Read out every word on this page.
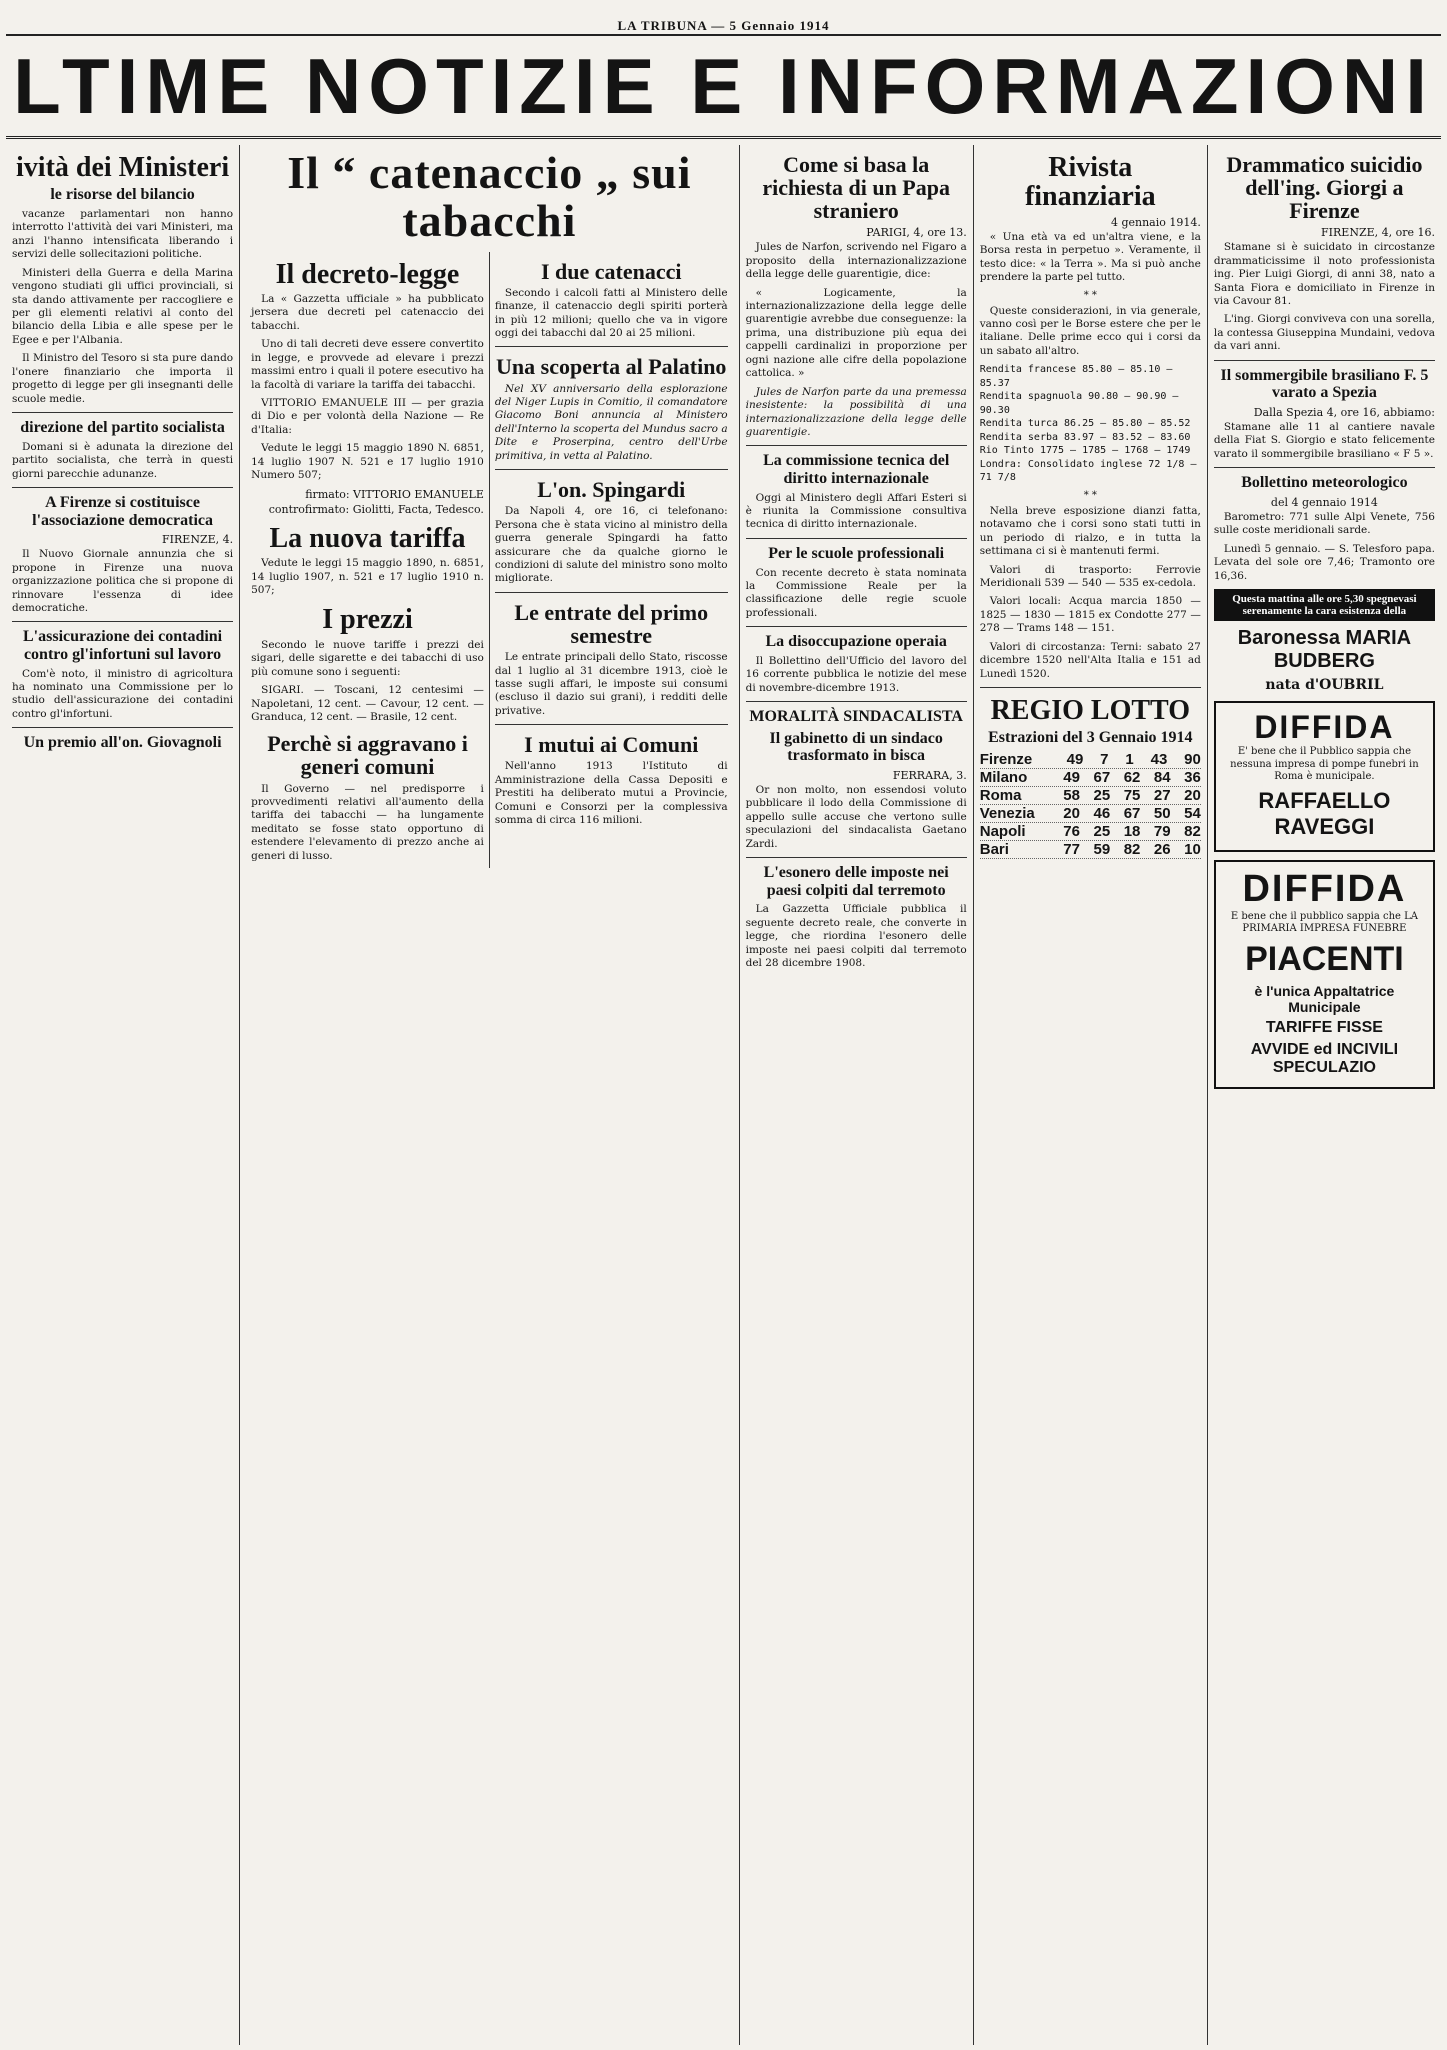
LA TRIBUNA — 5 Gennaio 1914
LTIME NOTIZIE E INFORMAZIONI
ività dei Ministeri
le risorse del bilancio

vacanze parlamentari non hanno interrotto l'attività dei vari Ministeri, ma anzi l'hanno intensificata liberando i servizi delle sollecitazioni politiche.

Ministeri della Guerra e della Marina vengono studiati gli uffici provinciali, si sta dando attivamente per raccogliere e per gli elementi relativi al conto del bilancio della Libia e alle spese per le Egee e per l'Albania.

Il Ministro del Tesoro si sta pure dando l'onere finanziario che importa il progetto di legge per gli insegnanti delle scuole medie.

direzione del partito socialista

Domani si è adunata la direzione del partito socialista, che terrà in questi giorni parecchie adunanze.

A Firenze si costituisce l'associazione democratica
FIRENZE, 4.

Il Nuovo Giornale annunzia che si propone in Firenze una nuova organizzazione politica che si propone di rinnovare l'essenza di idee democratiche.

L'assicurazione dei contadini contro gl'infortuni sul lavoro

Com'è noto, il ministro di agricoltura ha nominato una Commissione per lo studio dell'assicurazione dei contadini contro gl'infortuni.

Un premio all'on. Giovagnoli
Il “ catenaccio „ sui tabacchi
Il decreto-legge

La « Gazzetta ufficiale » ha pubblicato jersera due decreti pel catenaccio dei tabacchi.

Uno di tali decreti deve essere convertito in legge, e provvede ad elevare i prezzi massimi entro i quali il potere esecutivo ha la facoltà di variare la tariffa dei tabacchi.

VITTORIO EMANUELE III — per grazia di Dio e per volontà della Nazione — Re d'Italia:

Vedute le leggi 15 maggio 1890 N. 6851, 14 luglio 1907 N. 521 e 17 luglio 1910 Numero 507;

firmato: VITTORIO EMANUELE
controfirmato: Giolitti, Facta, Tedesco.
La nuova tariffa

Vedute le leggi 15 maggio 1890, n. 6851, 14 luglio 1907, n. 521 e 17 luglio 1910 n. 507;

I prezzi

Secondo le nuove tariffe i prezzi dei sigari, delle sigarette e dei tabacchi di uso più comune sono i seguenti:

SIGARI. — Toscani, 12 centesimi — Napoletani, 12 cent. — Cavour, 12 cent. — Granduca, 12 cent. — Brasile, 12 cent.

Perchè si aggravano i generi comuni

Il Governo — nel predisporre i provvedimenti relativi all'aumento della tariffa dei tabacchi — ha lungamente meditato se fosse stato opportuno di estendere l'elevamento di prezzo anche ai generi di lusso.

I due catenacci

Secondo i calcoli fatti al Ministero delle finanze, il catenaccio degli spiriti porterà in più 12 milioni; quello che va in vigore oggi dei tabacchi dal 20 ai 25 milioni.

Una scoperta al Palatino

Nel XV anniversario della esplorazione del Niger Lupis in Comitio, il comandatore Giacomo Boni annuncia al Ministero dell'Interno la scoperta del Mundus sacro a Dite e Proserpina, centro dell'Urbe primitiva, in vetta al Palatino.

L'on. Spingardi

Da Napoli 4, ore 16, ci telefonano: Persona che è stata vicino al ministro della guerra generale Spingardi ha fatto assicurare che da qualche giorno le condizioni di salute del ministro sono molto migliorate.

Le entrate del primo semestre

Le entrate principali dello Stato, riscosse dal 1 luglio al 31 dicembre 1913, cioè le tasse sugli affari, le imposte sui consumi (escluso il dazio sui grani), i redditi delle privative.

I mutui ai Comuni

Nell'anno 1913 l'Istituto di Amministrazione della Cassa Depositi e Prestiti ha deliberato mutui a Provincie, Comuni e Consorzi per la complessiva somma di circa 116 milioni.

Come si basa la richiesta di un Papa straniero
PARIGI, 4, ore 13.

Jules de Narfon, scrivendo nel Figaro a proposito della internazionalizzazione della legge delle guarentigie, dice:

« Logicamente, la internazionalizzazione della legge delle guarentigie avrebbe due conseguenze: la prima, una distribuzione più equa dei cappelli cardinalizi in proporzione per ogni nazione alle cifre della popolazione cattolica. »

Jules de Narfon parte da una premessa inesistente: la possibilità di una internazionalizzazione della legge delle guarentigie.

La commissione tecnica del diritto internazionale

Oggi al Ministero degli Affari Esteri si è riunita la Commissione consultiva tecnica di diritto internazionale.

Per le scuole professionali

Con recente decreto è stata nominata la Commissione Reale per la classificazione delle regie scuole professionali.

La disoccupazione operaia

Il Bollettino dell'Ufficio del lavoro del 16 corrente pubblica le notizie del mese di novembre-dicembre 1913.

MORALITÀ SINDACALISTA
Il gabinetto di un sindaco trasformato in bisca
FERRARA, 3.

Or non molto, non essendosi voluto pubblicare il lodo della Commissione di appello sulle accuse che vertono sulle speculazioni del sindacalista Gaetano Zardi.

L'esonero delle imposte nei paesi colpiti dal terremoto

La Gazzetta Ufficiale pubblica il seguente decreto reale, che converte in legge, che riordina l'esonero delle imposte nei paesi colpiti dal terremoto del 28 dicembre 1908.

Rivista finanziaria
4 gennaio 1914.

« Una età va ed un'altra viene, e la Borsa resta in perpetuo ». Veramente, il testo dice: « la Terra ». Ma si può anche prendere la parte pel tutto.

* *

Queste considerazioni, in via generale, vanno così per le Borse estere che per le italiane. Delle prime ecco qui i corsi da un sabato all'altro.

Rendita francese 85.80 — 85.10 — 85.37
Rendita spagnuola 90.80 — 90.90 — 90.30
Rendita turca 86.25 — 85.80 — 85.52
Rendita serba 83.97 — 83.52 — 83.60
Rio Tinto 1775 — 1785 — 1768 — 1749
Londra: Consolidato inglese 72 1/8 — 71 7/8
* *

Nella breve esposizione dianzi fatta, notavamo che i corsi sono stati tutti in un periodo di rialzo, e in tutta la settimana ci si è mantenuti fermi.

Valori di trasporto: Ferrovie Meridionali 539 — 540 — 535 ex-cedola.

Valori locali: Acqua marcia 1850 — 1825 — 1830 — 1815 ex Condotte 277 — 278 — Trams 148 — 151.

Valori di circostanza: Terni: sabato 27 dicembre 1520 nell'Alta Italia e 151 ad Lunedì 1520.

REGIO LOTTO
Estrazioni del 3 Gennaio 1914
Firenze	49 7 1 43 90
Milano	49 67 62 84 36
Roma	58 25 75 27 20
Venezia	20 46 67 50 54
Napoli	76 25 18 79 82
Bari	77 59 82 26 10
Drammatico suicidio dell'ing. Giorgi a Firenze
FIRENZE, 4, ore 16.

Stamane si è suicidato in circostanze drammaticissime il noto professionista ing. Pier Luigi Giorgi, di anni 38, nato a Santa Fiora e domiciliato in Firenze in via Cavour 81.

L'ing. Giorgi conviveva con una sorella, la contessa Giuseppina Mundaini, vedova da vari anni.

Il sommergibile brasiliano F. 5 varato a Spezia
Dalla Spezia 4, ore 16, abbiamo:

Stamane alle 11 al cantiere navale della Fiat S. Giorgio e stato felicemente varato il sommergibile brasiliano « F 5 ».

Bollettino meteorologico
del 4 gennaio 1914

Barometro: 771 sulle Alpi Venete, 756 sulle coste meridionali sarde.

Lunedì 5 gennaio. — S. Telesforo papa. Levata del sole ore 7,46; Tramonto ore 16,36.

Questa mattina alle ore 5,30 spegnevasi serenamente la cara esistenza della
Baronessa MARIA BUDBERG
nata d'OUBRIL
DIFFIDA
E' bene che il Pubblico sappia che nessuna impresa di pompe funebri in Roma è municipale.
RAFFAELLO RAVEGGI
DIFFIDA
E bene che il pubblico sappia che LA PRIMARIA IMPRESA FUNEBRE
PIACENTI
è l'unica Appaltatrice Municipale
TARIFFE FISSE
AVVIDE ed INCIVILI SPECULAZIO
